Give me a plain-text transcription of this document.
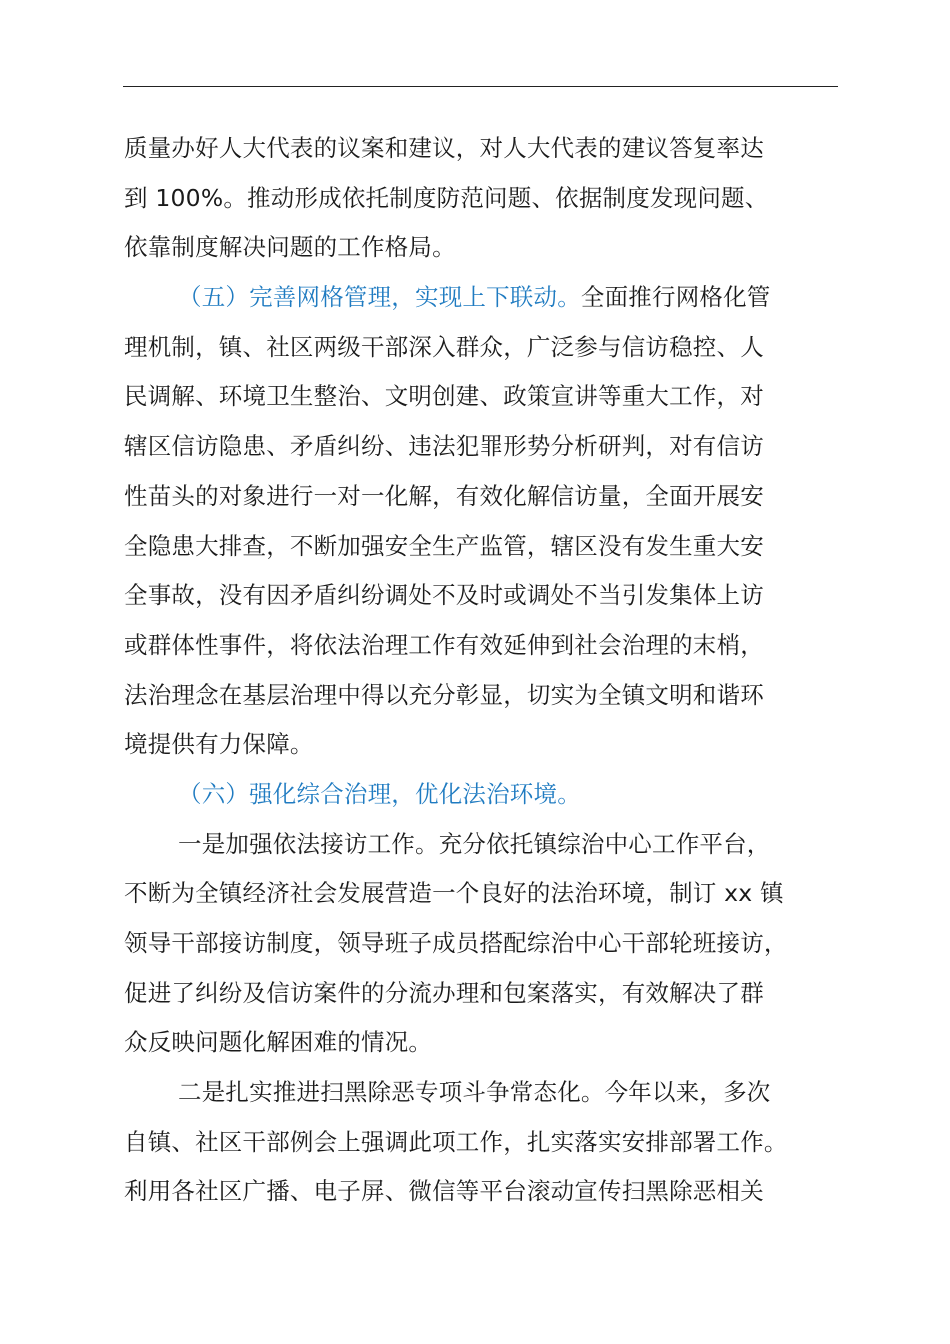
质量办好人大代表的议案和建议，对人大代表的建议答复率达
到 100%。推动形成依托制度防范问题、依据制度发现问题、
依靠制度解决问题的工作格局。
（五）完善网格管理，实现上下联动。全面推行网格化管
理机制，镇、社区两级干部深入群众，广泛参与信访稳控、人
民调解、环境卫生整治、文明创建、政策宣讲等重大工作，对
辖区信访隐患、矛盾纠纷、违法犯罪形势分析研判，对有信访
性苗头的对象进行一对一化解，有效化解信访量，全面开展安
全隐患大排查，不断加强安全生产监管，辖区没有发生重大安
全事故，没有因矛盾纠纷调处不及时或调处不当引发集体上访
或群体性事件，将依法治理工作有效延伸到社会治理的末梢，
法治理念在基层治理中得以充分彰显，切实为全镇文明和谐环
境提供有力保障。
（六）强化综合治理，优化法治环境。
一是加强依法接访工作。充分依托镇综治中心工作平台，
不断为全镇经济社会发展营造一个良好的法治环境，制订 xx 镇
领导干部接访制度，领导班子成员搭配综治中心干部轮班接访，
促进了纠纷及信访案件的分流办理和包案落实，有效解决了群
众反映问题化解困难的情况。
二是扎实推进扫黑除恶专项斗争常态化。今年以来，多次
自镇、社区干部例会上强调此项工作，扎实落实安排部署工作。
利用各社区广播、电子屏、微信等平台滚动宣传扫黑除恶相关
